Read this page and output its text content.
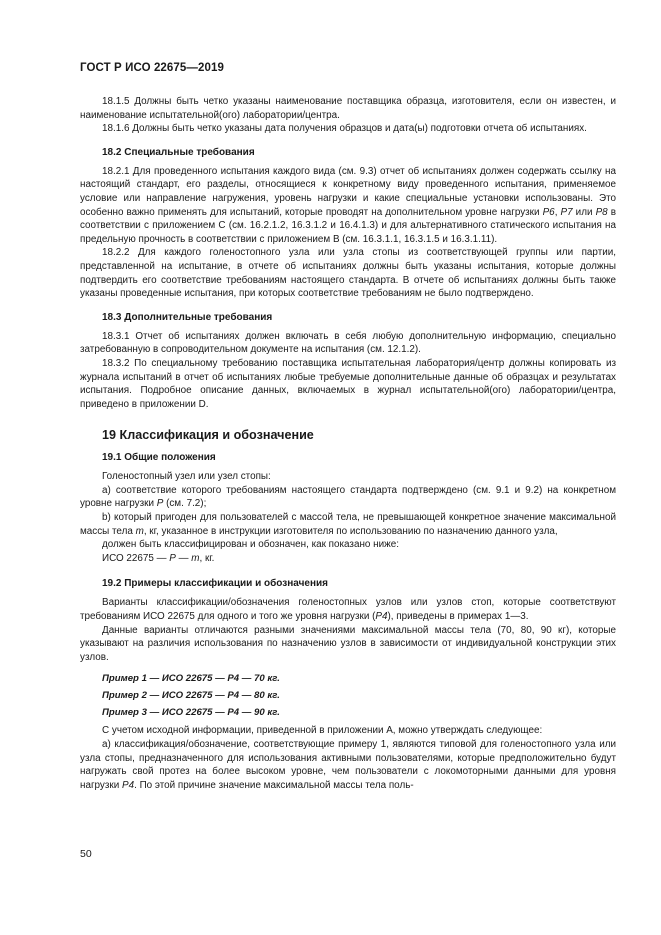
ГОСТ Р ИСО 22675—2019

18.1.5 Должны быть четко указаны наименование поставщика образца, изготовителя, если он известен, и наименование испытательной(ого) лаборатории/центра.

18.1.6 Должны быть четко указаны дата получения образцов и дата(ы) подготовки отчета об испытаниях.

18.2 Специальные требования

18.2.1 Для проведенного испытания каждого вида (см. 9.3) отчет об испытаниях должен содержать ссылку на настоящий стандарт, его разделы, относящиеся к конкретному виду проведенного испытания, применяемое условие или направление нагружения, уровень нагрузки и какие специальные установки использованы. Это особенно важно применять для испытаний, которые проводят на дополнительном уровне нагрузки P6, P7 или P8 в соответствии с приложением С (см. 16.2.1.2, 16.3.1.2 и 16.4.1.3) и для альтернативного статического испытания на предельную прочность в соответствии с приложением В (см. 16.3.1.1, 16.3.1.5 и 16.3.1.11).

18.2.2 Для каждого голеностопного узла или узла стопы из соответствующей группы или партии, представленной на испытание, в отчете об испытаниях должны быть указаны испытания, которые должны подтвердить его соответствие требованиям настоящего стандарта. В отчете об испытаниях должны быть также указаны проведенные испытания, при которых соответствие требованиям не было подтверждено.

18.3 Дополнительные требования

18.3.1 Отчет об испытаниях должен включать в себя любую дополнительную информацию, специально затребованную в сопроводительном документе на испытания (см. 12.1.2).

18.3.2 По специальному требованию поставщика испытательная лаборатория/центр должны копировать из журнала испытаний в отчет об испытаниях любые требуемые дополнительные данные об образцах и результатах испытания. Подробное описание данных, включаемых в журнал испытательной(ого) лаборатории/центра, приведено в приложении D.

19 Классификация и обозначение
19.1 Общие положения

Голеностопный узел или узел стопы:

а) соответствие которого требованиям настоящего стандарта подтверждено (см. 9.1 и 9.2) на конкретном уровне нагрузки P (см. 7.2);

b) который пригоден для пользователей с массой тела, не превышающей конкретное значение максимальной массы тела m, кг, указанное в инструкции изготовителя по использованию по назначению данного узла,

должен быть классифицирован и обозначен, как показано ниже:

ИСО 22675 — P — m, кг.

19.2 Примеры классификации и обозначения

Варианты классификации/обозначения голеностопных узлов или узлов стоп, которые соответствуют требованиям ИСО 22675 для одного и того же уровня нагрузки (P4), приведены в примерах 1—3.

Данные варианты отличаются разными значениями максимальной массы тела (70, 80, 90 кг), которые указывают на различия использования по назначению узлов в зависимости от индивидуальной конструкции этих узлов.

Пример 1 — ИСО 22675 — Р4 — 70 кг.
Пример 2 — ИСО 22675 — Р4 — 80 кг.
Пример 3 — ИСО 22675 — Р4 — 90 кг.

С учетом исходной информации, приведенной в приложении А, можно утверждать следующее:

а) классификация/обозначение, соответствующие примеру 1, являются типовой для голеностопного узла или узла стопы, предназначенного для использования активными пользователями, которые предположительно будут нагружать свой протез на более высоком уровне, чем пользователи с локомоторными данными для уровня нагрузки P4. По этой причине значение максимальной массы тела поль-

50
